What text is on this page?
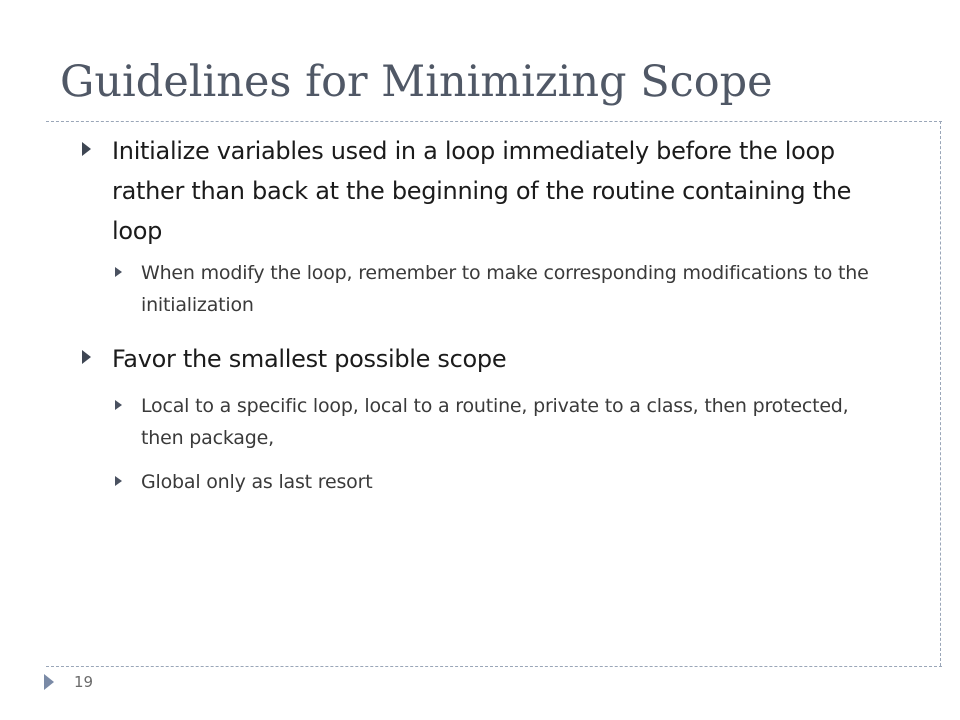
Guidelines for Minimizing Scope
Initialize variables used in a loop immediately before the loop rather than back at the beginning of the routine containing the loop
When modify the loop, remember to make corresponding modifications to the initialization
Favor the smallest possible scope
Local to a specific loop, local to a routine, private to a class, then protected, then package,
Global only as last resort
19
